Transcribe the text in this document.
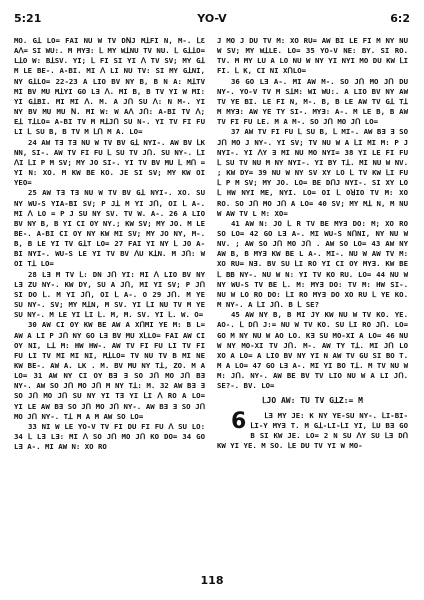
5:21	YO-V	6:2

MO. Gꓕ LO= FAI NU W TV DꓠJ MꓕFI N, M-. ꓡƐ Aꓥ= SI WU:. M MYƎ: ꓡ MY WꓕNU TV NU. ꓡ GꓕꓕO= LꓕO W: BꓕSV. YI; ꓡ FI SI YI ꓥ TV SV; MY Gꓕ M LE BE-. A-BI. MI ꓥ LI NU TV: SI MY GꓕNI, NY GꓕLO= 22-23 A LIO BV NY B, B N A: MꓕTV MI BV MU MꓕYI GO LƎ ꓥ. MI B, B TV YI W MI: YI GꓕBI. MI MI ꓥ. M. A Jꓵ SU ꓥ: N M-. YI NY BV MU MU ꓠ. MI W: W Aꓥ Jꓵ: A-BI TV ꓥ; Eꓕ TꓕLO= A-BI TV M MꓕJꓵ SU N-. YI TV FI FU LI ꓡ SU B, B TV M ꓡꓵ M A. LO=

24 AW TƎ TƎ NU W TV BV Gꓕ NYI-. AW BV ꓡK NN, SI-. AW TV FI FU ꓡ SU TV Jꓵ. SU NY-. ꓡI ꓥI ꓡI P M SV; MY JO SI-. YI TV BV MU ꓡ Mꓵ = YI N: XO. M KW BE KO. JE SI SV; MY KW OI YEO=

25 AW TƎ TƎ NU W TV BV Gꓕ NYI-. XO. SU NY WU-S YIA-BI SV; P Jꓕ M YI Jꓵ, OI ꓡ A-. MI ꓥ LO = P J SU NY SV. TV W. A-. 26 A LIO BV NY B, B YI CI OY NY.; KW SV; MY JO. M LE BE-. A-BI CI OY NY KW MI SV; MY JO NY, M-. B, B LE YI TV GꓕT LO= 27 FAI YI NY ꓡ JO A-BI NYI-. WU-S LE YI TV BV ꓥU KꓕN. M Jꓵ: W OI Tꓕ LO=

28 LƎ M TV ꓡ: DN Jꓵ YI: MI ꓥ LIO BV NY LƎ ZU NY-. KW DY, SU A Jꓵ, MI YI SV; P Jꓵ SI DO ꓡ. M YI Jꓵ, OI ꓡ A-. O 29 Jꓵ. M YE SU NY-. SV; MY MꓕN, M SV. YI ꓡI NU TV M YE SU NY-. M LE YI ꓡI ꓡ. M, M. SV. YI ꓡ. W. O=

30 AW CI OY KW BE AW A XꓵMI YE M: B L= AW A LI P Jꓵ NY GO LƎ BV MU XꓡLO= FAI AW CI OY NI, Lꓕ M: HW HW-. AW TV FI FU LI TV FI FU LI TV MI MI NI, MꓕLO= TV NU TV B MI NE KW BE-. AW A. LK . M. BV MU NY Tꓕ, ZO. M A LO= 31 AW NY CI OY BƎ Ǝ SO Jꓵ MO Jꓵ BƎ NY-. AW SO Jꓵ MO Jꓵ M NY Tꓕ: M. 32 AW BƎ Ǝ SO Jꓵ MO Jꓵ SU NY YI TƎ YI ꓡI ꓥ RO A LO= YI LE AW BƎ SO Jꓵ MO Jꓵ NY-. AW BƎ Ǝ SO Jꓵ MO Jꓵ NY-. Tꓕ M A M AW SO LO=

33 NI W LE YO-V TV FI DU FI FU ꓥ SU LO: 34 ꓡ LƎ LƎ: MI ꓥ SO Jꓵ MO Jꓵ KO DO= 34 GO LƎ A-. MI AW N: XO RO

J MO J DU TV M: XO RU= AW BI LE FI M NY NU W SV; MY WꓕLE. LO= 35 YO-V NE: BY. SI RO. TV. M MY LU A LO NU W NY YI NYI MO DU KW ꓡI FI. ꓡ K, CI NI XꓵLO=

36 GO LƎ A-. MI AW M-. SO Jꓵ MO Jꓵ DU NY-. YO-V TV M SꓕM: WI WU:. A LIO BV NY AW TV YE BI. LE FI N, M-. B, B LE AW TV Gꓕ Tꓕ M MYƎ: AW YE TY SI-. MYƎ: A-. M LE B, B AW TV FI FU LE. M A M-. SO Jꓵ MO Jꓵ LO=

37 AW TV FI FU ꓡ SU B, ꓡ MI-. AW BƎ Ǝ SO Jꓵ MO J NY-. YI SV; TV NU W A ꓡI MI M: P J NYI-. YI ꓥY Ǝ MI NU MO NYI= 38 YI LE FI FU ꓡ SU TV NU M NY NYI-. YI BY Tꓕ. MI NU W NV. ; KW DY= 39 NU W NY SV XY LO ꓡ TV KW ꓡI FU ꓡ P M SV; MY JO. LO= BE DꓵJ NYI-. SI XY LO ꓡ HW NYI ME, NYI. LO= OI ꓡ OꓤIO TV M: XO RO. SO Jꓵ MO Jꓵ A LO= 40 SV; MY Mꓕ N, M NU W AW TV L M: XO=

41 AW N: JO ꓡ R TV BE MYƎ DO: M; XO RO SO LO= 42 GO LƎ A-. MI WU-S NꓵNI, NY NU W NV. ; AW SO Jꓵ MO Jꓵ . AW SO LO= 43 AW NY AW B, B MYƎ KW BE L A-. MI-. NU W AW TV M: XO RU= NƎ. BV SU ꓡI RO YI CI OY MYƎ. KW BE ꓡ BB NY-. NU W N: YI TV KO RU. LO= 44 NU W NY WU-S TV BE ꓡ. M: MYƎ DO: TV M: HW SI-. NU W LO RO DO: ꓡI RO MYƎ DO XO RU ꓡ YE KO. M NY-. A ꓡI Jꓵ. B ꓡ SE?

45 AW NY B, B MI JY KW NU W TV KO. YE. AO-. ꓡ Dꓵ J:= NU W TV KO. SU ꓡI RO Jꓵ. LO= GO M NY NU W AO LO. KƎ SU MO-XI A LO= 46 NU W NY MO-XI TV Jꓵ. M-. AW TY Tꓕ. MI Jꓵ LO XO A LO= A LIO BV NY YI N AW TV GU SI BO T. M A LO= 47 GO LƎ A-. MI YI BO Tꓕ. M TV NU W M: Jꓵ. NY-. AW BE BV TV LIO NU W A LI Jꓵ. SE?-. BV. LO=

ꓡJO AW: TU TV GꓕZ:= M

6 ꓡƎ MY JE: K NY YE-SU NY-. ꓡI-BI-ꓡI-Y MYƎ T. M Gꓕ-LI-ꓡI YI, ꓡU BƎ GO B SI KW JE. LO= 2 N SU ꓥY SU ꓡƎ Dꓵ KW YI YE. M SO. ꓡE DU TV YI W MO-

118
